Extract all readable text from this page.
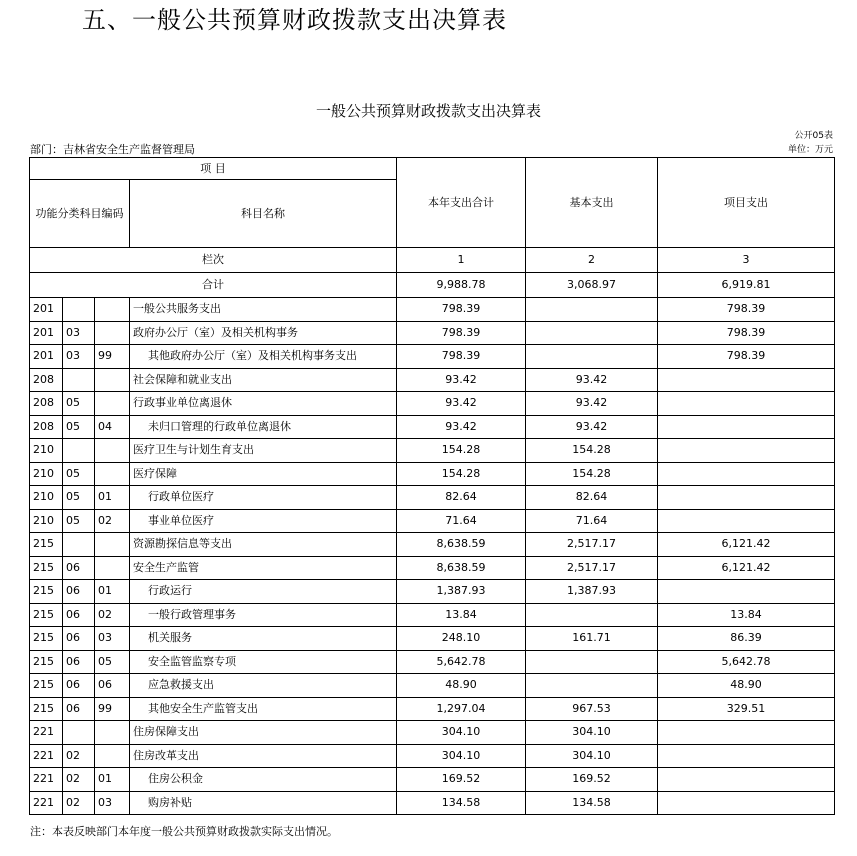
五、一般公共预算财政拨款支出决算表
一般公共预算财政拨款支出决算表
公开05表
部门：吉林省安全生产监督管理局	单位：万元
项 目				本年支出合计	基本支出	项目支出
功能分类科目编码			科目名称			
栏次				1	2	3
合计				9,988.78	3,068.97	6,919.81
201			一般公共服务支出	798.39		798.39
201	03		政府办公厅（室）及相关机构事务	798.39		798.39
201	03	99	其他政府办公厅（室）及相关机构事务支出	798.39		798.39
208			社会保障和就业支出	93.42	93.42	
208	05		行政事业单位离退休	93.42	93.42	
208	05	04	未归口管理的行政单位离退休	93.42	93.42	
210			医疗卫生与计划生育支出	154.28	154.28	
210	05		医疗保障	154.28	154.28	
210	05	01	行政单位医疗	82.64	82.64	
210	05	02	事业单位医疗	71.64	71.64	
215			资源勘探信息等支出	8,638.59	2,517.17	6,121.42
215	06		安全生产监管	8,638.59	2,517.17	6,121.42
215	06	01	行政运行	1,387.93	1,387.93	
215	06	02	一般行政管理事务	13.84		13.84
215	06	03	机关服务	248.10	161.71	86.39
215	06	05	安全监管监察专项	5,642.78		5,642.78
215	06	06	应急救援支出	48.90		48.90
215	06	99	其他安全生产监管支出	1,297.04	967.53	329.51
221			住房保障支出	304.10	304.10	
221	02		住房改革支出	304.10	304.10	
221	02	01	住房公积金	169.52	169.52	
221	02	03	购房补贴	134.58	134.58	
注：本表反映部门本年度一般公共预算财政拨款实际支出情况。
